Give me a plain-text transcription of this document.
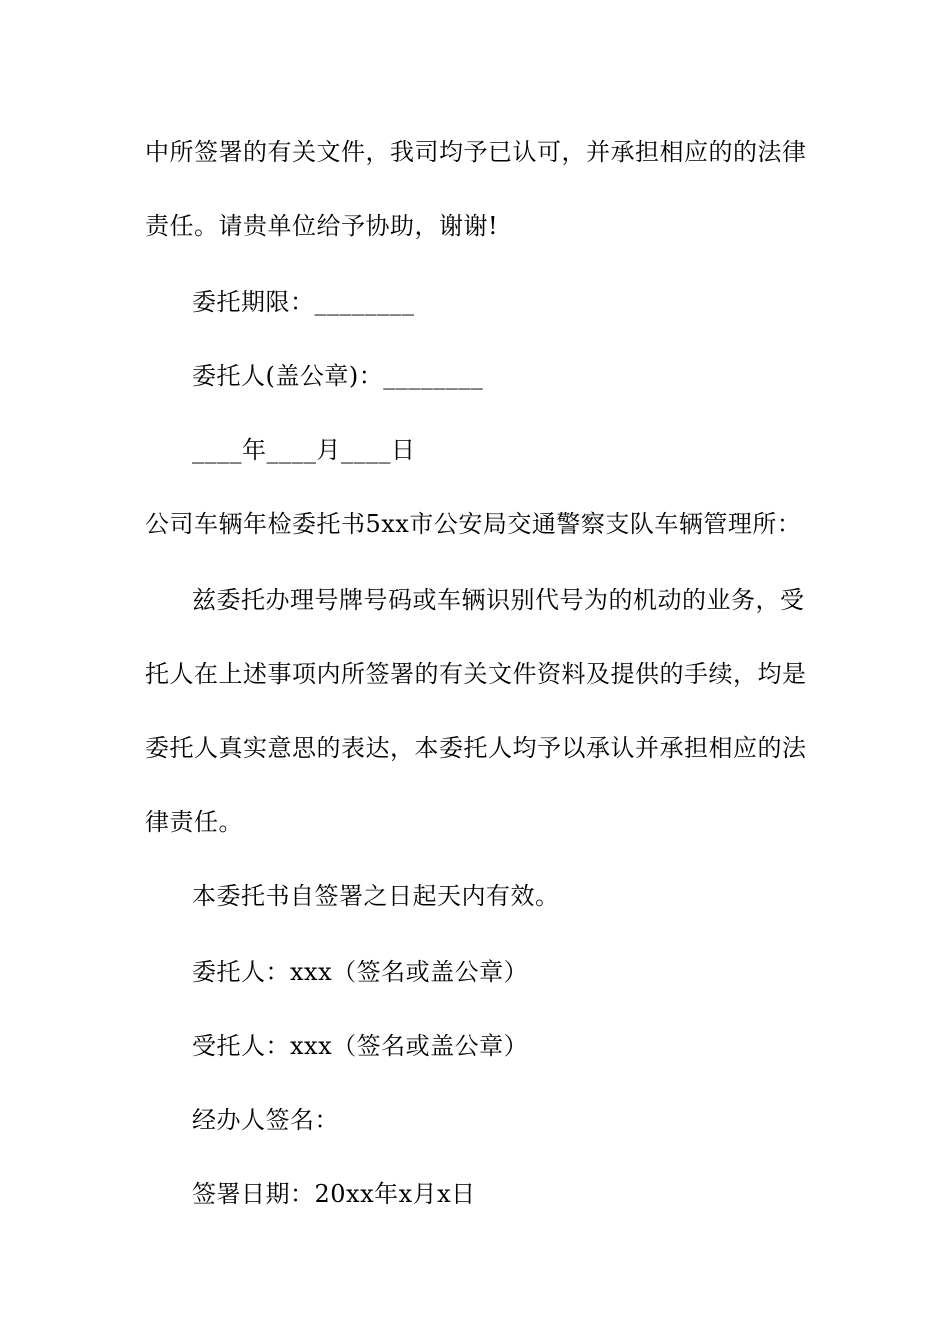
中所签署的有关文件，我司均予已认可，并承担相应的的法律
责任。请贵单位给予协助，谢谢!
委托期限：________
委托人(盖公章)：________
____年____月____日
公司车辆年检委托书5xx市公安局交通警察支队车辆管理所：
兹委托办理号牌号码或车辆识别代号为的机动的业务，受
托人在上述事项内所签署的有关文件资料及提供的手续，均是
委托人真实意思的表达，本委托人均予以承认并承担相应的法
律责任。
本委托书自签署之日起天内有效。
委托人：xxx（签名或盖公章）
受托人：xxx（签名或盖公章）
经办人签名：
签署日期：20xx年x月x日
